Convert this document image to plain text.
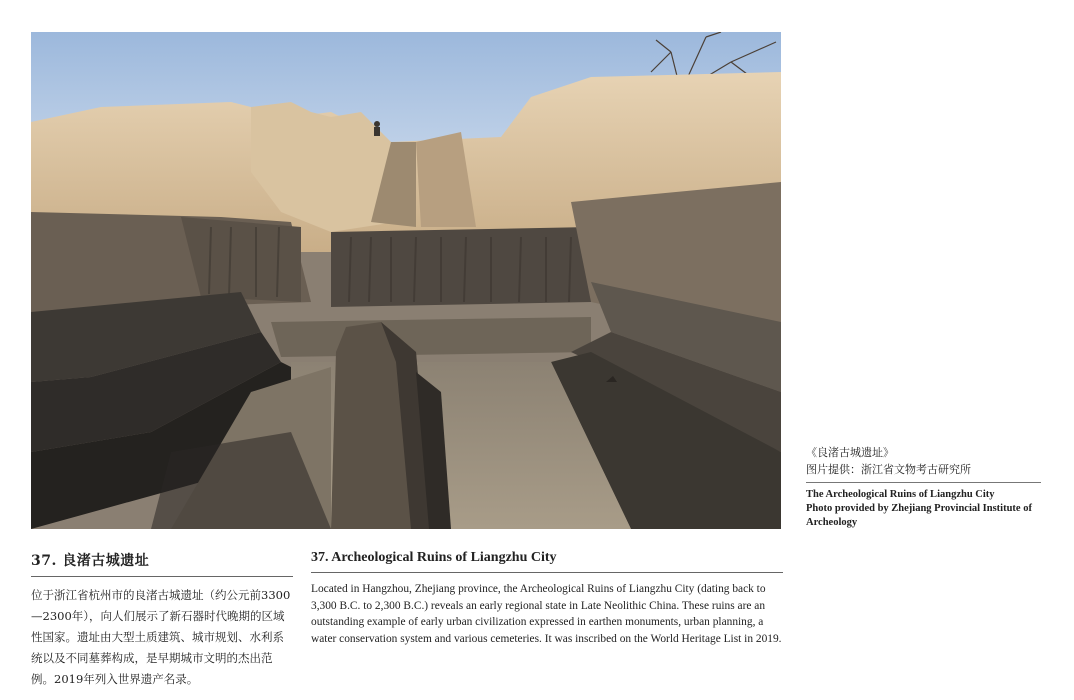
《良渚古城遗址》
图片提供：浙江省文物考古研究所
The Archeological Ruins of Liangzhu City
Photo provided by Zhejiang Provincial Institute of Archeology
37. 良渚古城遗址

位于浙江省杭州市的良渚古城遗址（约公元前3300—2300年），向人们展示了新石器时代晚期的区域性国家。遗址由大型土质建筑、城市规划、水利系统以及不同墓葬构成，是早期城市文明的杰出范例。2019年列入世界遗产名录。

37. Archeological Ruins of Liangzhu City

Located in Hangzhou, Zhejiang province, the Archeological Ruins of Liangzhu City (dating back to 3,300 B.C. to 2,300 B.C.) reveals an early regional state in Late Neolithic China. These ruins are an outstanding example of early urban civilization expressed in earthen monuments, urban planning, a water conservation system and various cemeteries. It was inscribed on the World Heritage List in 2019.
